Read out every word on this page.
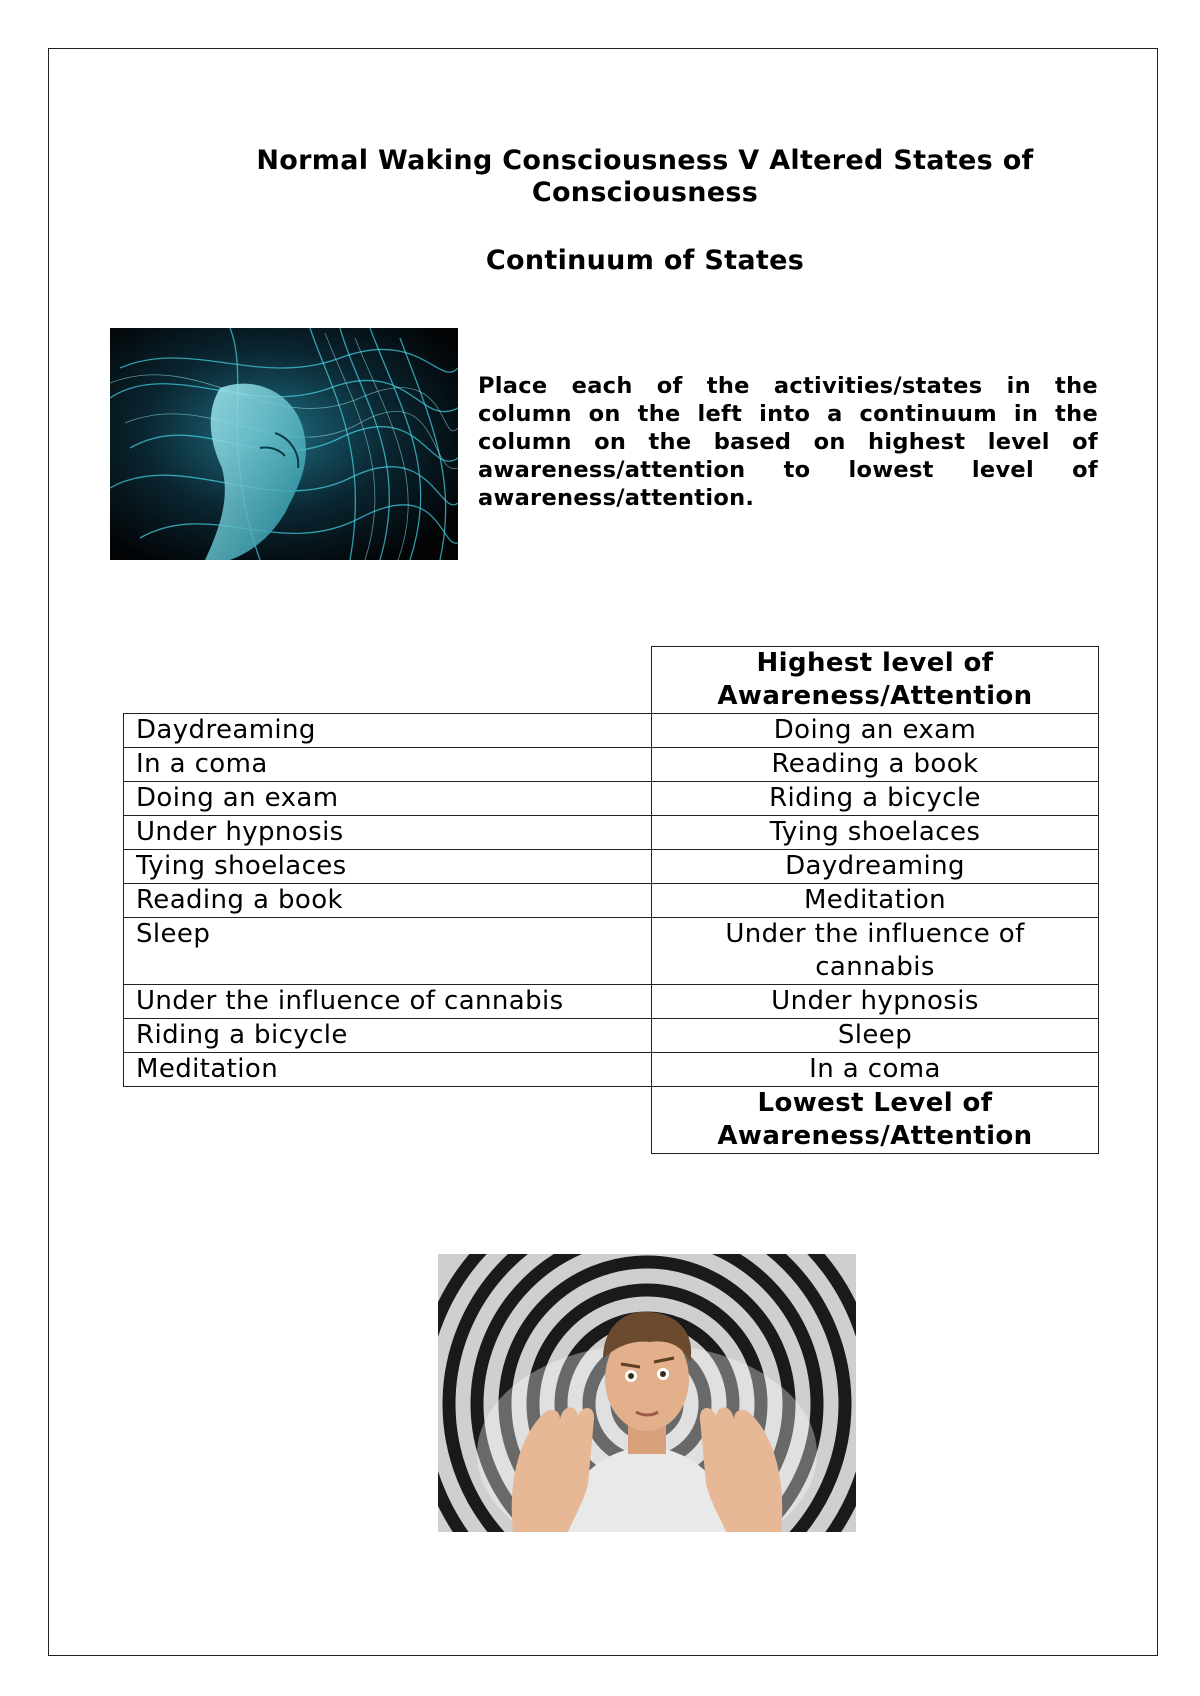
Normal Waking Consciousness V Altered States of Consciousness
Continuum of States
Place each of the activities/states in the column on the left into a continuum in the column on the based on highest level of awareness/attention to lowest level of awareness/attention.
	Highest level of Awareness/Attention
Daydreaming	Doing an exam
In a coma	Reading a book
Doing an exam	Riding a bicycle
Under hypnosis	Tying shoelaces
Tying shoelaces	Daydreaming
Reading a book	Meditation
Sleep	Under the influence of cannabis
Under the influence of cannabis	Under hypnosis
Riding a bicycle	Sleep
Meditation	In a coma
	Lowest Level of Awareness/Attention
